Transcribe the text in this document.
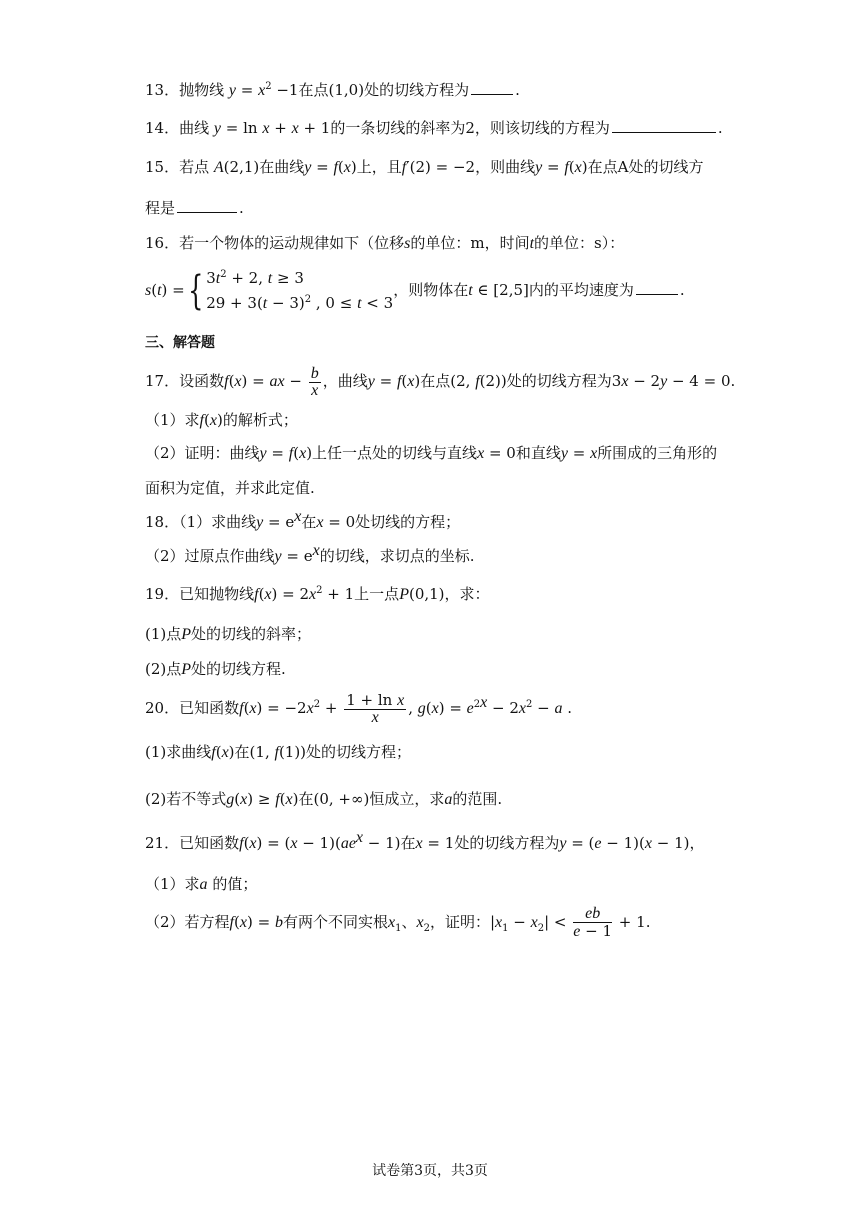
13．抛物线 $y = x^2 -1$在点(1,0)处的切线方程为	.
14．曲线 y = ln x + x + 1的一条切线的斜率为2，则该切线的方程为	.
15．若点 A(2,1)在曲线y = f(x)上，且f′(2) = −2，则曲线y = f(x)在点A处的切线方
程是	.
16．若一个物体的运动规律如下（位移s的单位：m，时间t的单位：s）：
s(t) ={ $3t^2 + 2$, t ≥ 3
$29 + 3(t - 3)^2$ , 0 ≤ t < 3
，则物体在t ∈ [2,5]内的平均速度为	.
三、解答题
17．设函数f(x) = ax − $\frac{b}{x}$ ，曲线y = f(x)在点(2, f(2))处的切线方程为3x − 2y − 4 = 0.
（1）求f(x)的解析式；
（2）证明：曲线y = f(x)上任一点处的切线与直线x = 0和直线y = x所围成的三角形的
面积为定值，并求此定值.
18．（1）求曲线$y = e^x$在x = 0处切线的方程；
（2）过原点作曲线$y = e^x$的切线，求切点的坐标.
19．已知抛物线$f(x) = 2x^2 + 1$上一点P(0,1)，求：
(1)点P处的切线的斜率；
(2)点P处的切线方程.
20．已知函数$f(x) = -2x^2 + \frac{\text{1 + ln x}}{x}$ , $g(x) = e^{2x} - 2x^2 - a$ .
(1)求曲线f(x)在(1, f(1))处的切线方程；
(2)若不等式g(x) ≥ f(x)在(0, +∞)恒成立，求a的范围.
21．已知函数$f(x) = (x - 1)(ae^x - 1)$在x = 1处的切线方程为y = (e − 1)(x − 1)，
（1）求a 的值；
（2）若方程f(x) = b有两个不同实根$x_1$、$x_2$，证明：$|x_1 - x_2| < \frac{eb}{e - 1} + 1$.
试卷第3页，共3页
